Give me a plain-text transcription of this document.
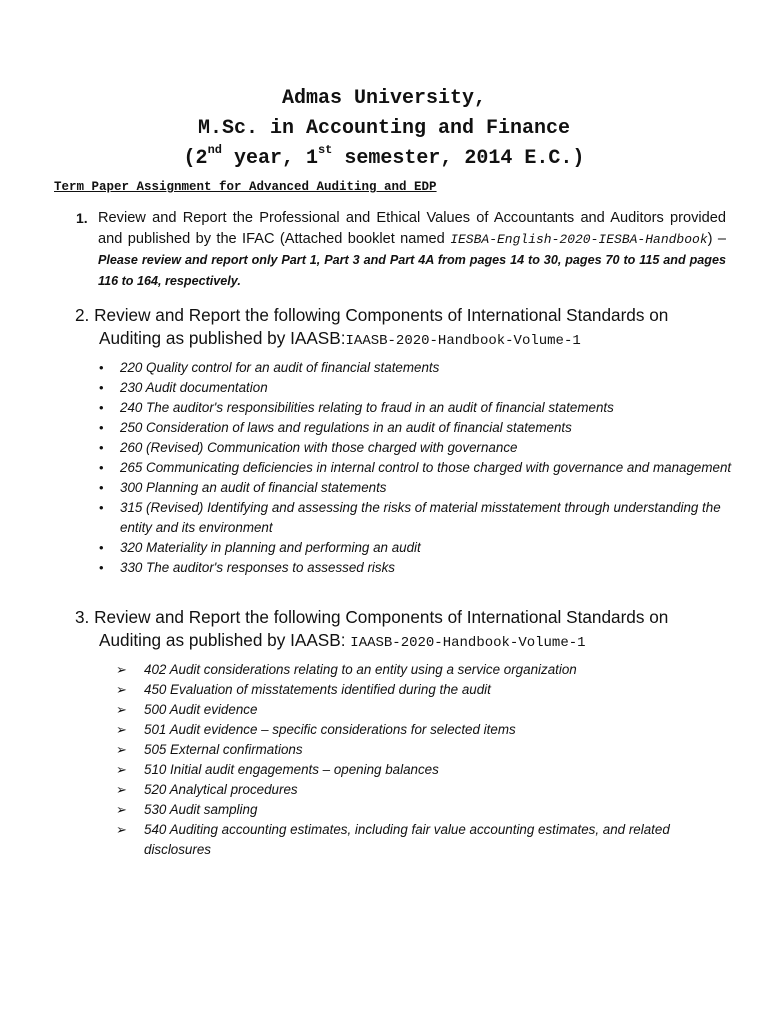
Admas University,
M.Sc. in Accounting and Finance
(2nd year, 1st semester, 2014 E.C.)
Term Paper Assignment for Advanced Auditing and EDP
1. Review and Report the Professional and Ethical Values of Accountants and Auditors provided and published by the IFAC (Attached booklet named IESBA-English-2020-IESBA-Handbook) – Please review and report only Part 1, Part 3 and Part 4A from pages 14 to 30, pages 70 to 115 and pages 116 to 164, respectively.
2. Review and Report the following Components of International Standards on Auditing as published by IAASB:IAASB-2020-Handbook-Volume-1
• 220 Quality control for an audit of financial statements
• 230 Audit documentation
• 240 The auditor's responsibilities relating to fraud in an audit of financial statements
• 250 Consideration of laws and regulations in an audit of financial statements
• 260 (Revised) Communication with those charged with governance
• 265 Communicating deficiencies in internal control to those charged with governance and management
• 300 Planning an audit of financial statements
• 315 (Revised) Identifying and assessing the risks of material misstatement through understanding the entity and its environment
• 320 Materiality in planning and performing an audit
• 330 The auditor's responses to assessed risks
3. Review and Report the following Components of International Standards on Auditing as published by IAASB: IAASB-2020-Handbook-Volume-1
➢ 402 Audit considerations relating to an entity using a service organization
➢ 450 Evaluation of misstatements identified during the audit
➢ 500 Audit evidence
➢ 501 Audit evidence – specific considerations for selected items
➢ 505 External confirmations
➢ 510 Initial audit engagements – opening balances
➢ 520 Analytical procedures
➢ 530 Audit sampling
➢ 540 Auditing accounting estimates, including fair value accounting estimates, and related disclosures
